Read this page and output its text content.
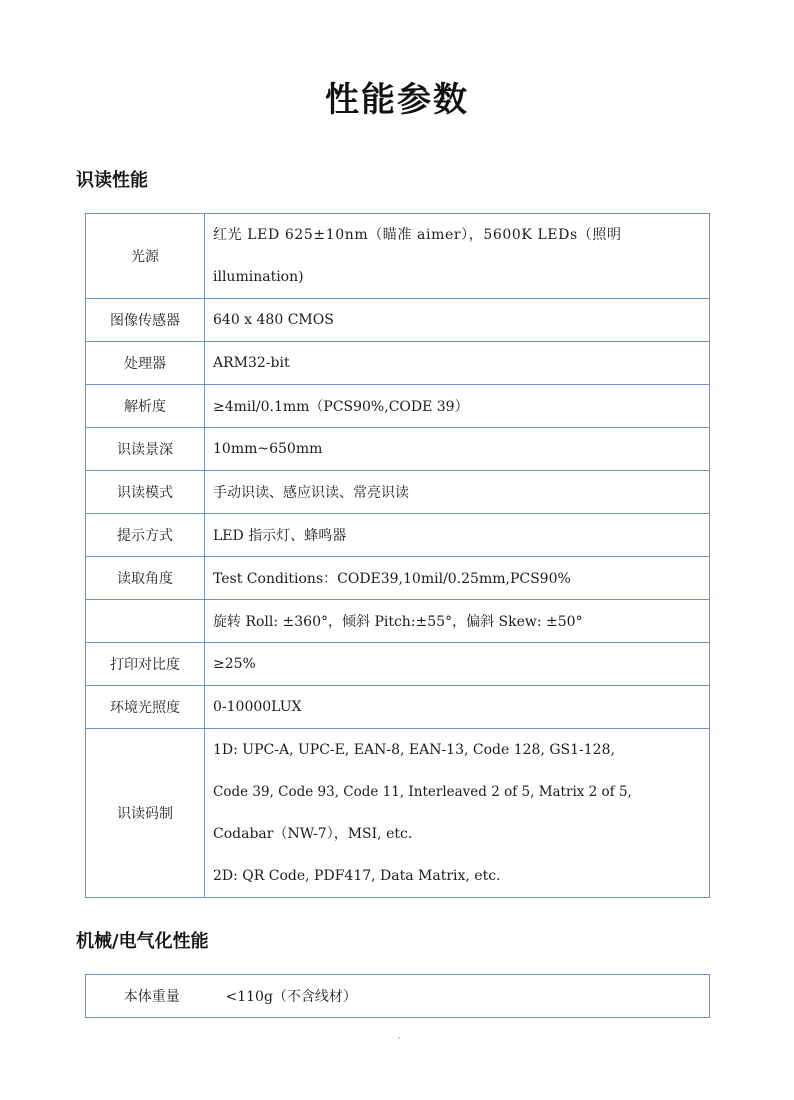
性能参数
识读性能
光源	红光 LED 625±10nm（瞄准 aimer），5600K LEDs（照明
illumination)

图像传感器	640 x 480 CMOS
处理器	ARM32-bit
解析度	≥4mil/0.1mm（PCS90%,CODE 39）
识读景深	10mm~650mm
识读模式	手动识读、感应识读、常亮识读
提示方式	LED 指示灯、蜂鸣器
读取角度	Test Conditions：CODE39,10mil/0.25mm,PCS90%
	旋转 Roll: ±360°，倾斜 Pitch:±55°，偏斜 Skew: ±50°
打印对比度	≥25%
环境光照度	0-10000LUX
识读码制	1D: UPC-A, UPC-E, EAN-8, EAN-13, Code 128, GS1-128,
Code 39, Code 93, Code 11, Interleaved 2 of 5, Matrix 2 of 5,
Codabar（NW-7），MSI, etc.
2D: QR Code, PDF417, Data Matrix, etc.
机械/电气化性能
本体重量	<110g（不含线材）
